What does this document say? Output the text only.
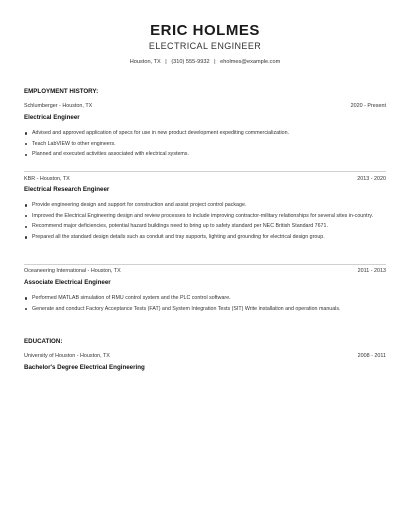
ERIC HOLMES
ELECTRICAL ENGINEER
Houston, TX | (310) 555-9932 | eholmes@example.com
EMPLOYMENT HISTORY:
Schlumberger - Houston, TX	2020 - Present
Electrical Engineer
Advised and approved application of specs for use in new product development expediting commercialization.
Teach LabVIEW to other engineers.
Planned and executed activities associated with electrical systems.
KBR - Houston, TX	2013 - 2020
Electrical Research Engineer
Provide engineering design and support for construction and assist project control package.
Improved the Electrical Engineering design and review processes to include improving contractor-military relationships for several sites in-country.
Recommend major deficiencies, potential hazard buildings need to bring up to safety standard per NEC British Standard 7671.
Prepared all the standard design details such as conduit and tray supports, lighting and grounding for electrical design group.
Oceaneering International - Houston, TX	2011 - 2013
Associate Electrical Engineer
Performed MATLAB simulation of RMU control system and the PLC control software.
Generate and conduct Factory Acceptance Tests (FAT) and System Integration Tests (SIT) Write installation and operation manuals.
EDUCATION:
University of Houston - Houston, TX	2008 - 2011
Bachelor's Degree Electrical Engineering
